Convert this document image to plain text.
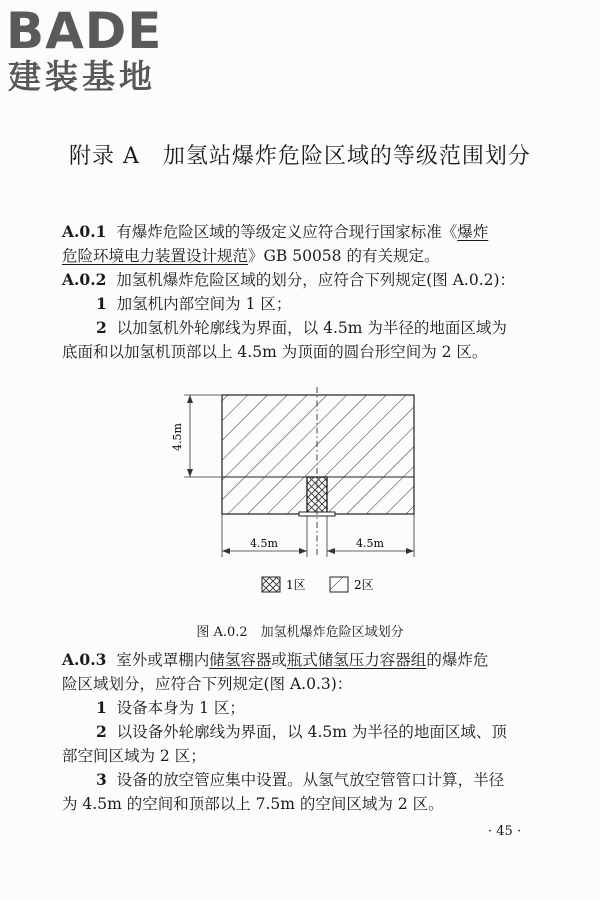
BADE
建装基地
附录 A　加氢站爆炸危险区域的等级范围划分
A.0.1 有爆炸危险区域的等级定义应符合现行国家标准《爆炸
危险环境电力装置设计规范》GB 50058 的有关规定。
A.0.2 加氢机爆炸危险区域的划分，应符合下列规定(图 A.0.2)：
1 加氢机内部空间为 1 区；
2 以加氢机外轮廓线为界面，以 4.5m 为半径的地面区域为
底面和以加氢机顶部以上 4.5m 为顶面的圆台形空间为 2 区。
4.5m
4.5m	4.5m
1区	2区
图 A.0.2　加氢机爆炸危险区域划分
A.0.3 室外或罩棚内储氢容器或瓶式储氢压力容器组的爆炸危
险区域划分，应符合下列规定(图 A.0.3)：
1 设备本身为 1 区；
2 以设备外轮廓线为界面，以 4.5m 为半径的地面区域、顶
部空间区域为 2 区；
3 设备的放空管应集中设置。从氢气放空管管口计算，半径
为 4.5m 的空间和顶部以上 7.5m 的空间区域为 2 区。
· 45 ·
